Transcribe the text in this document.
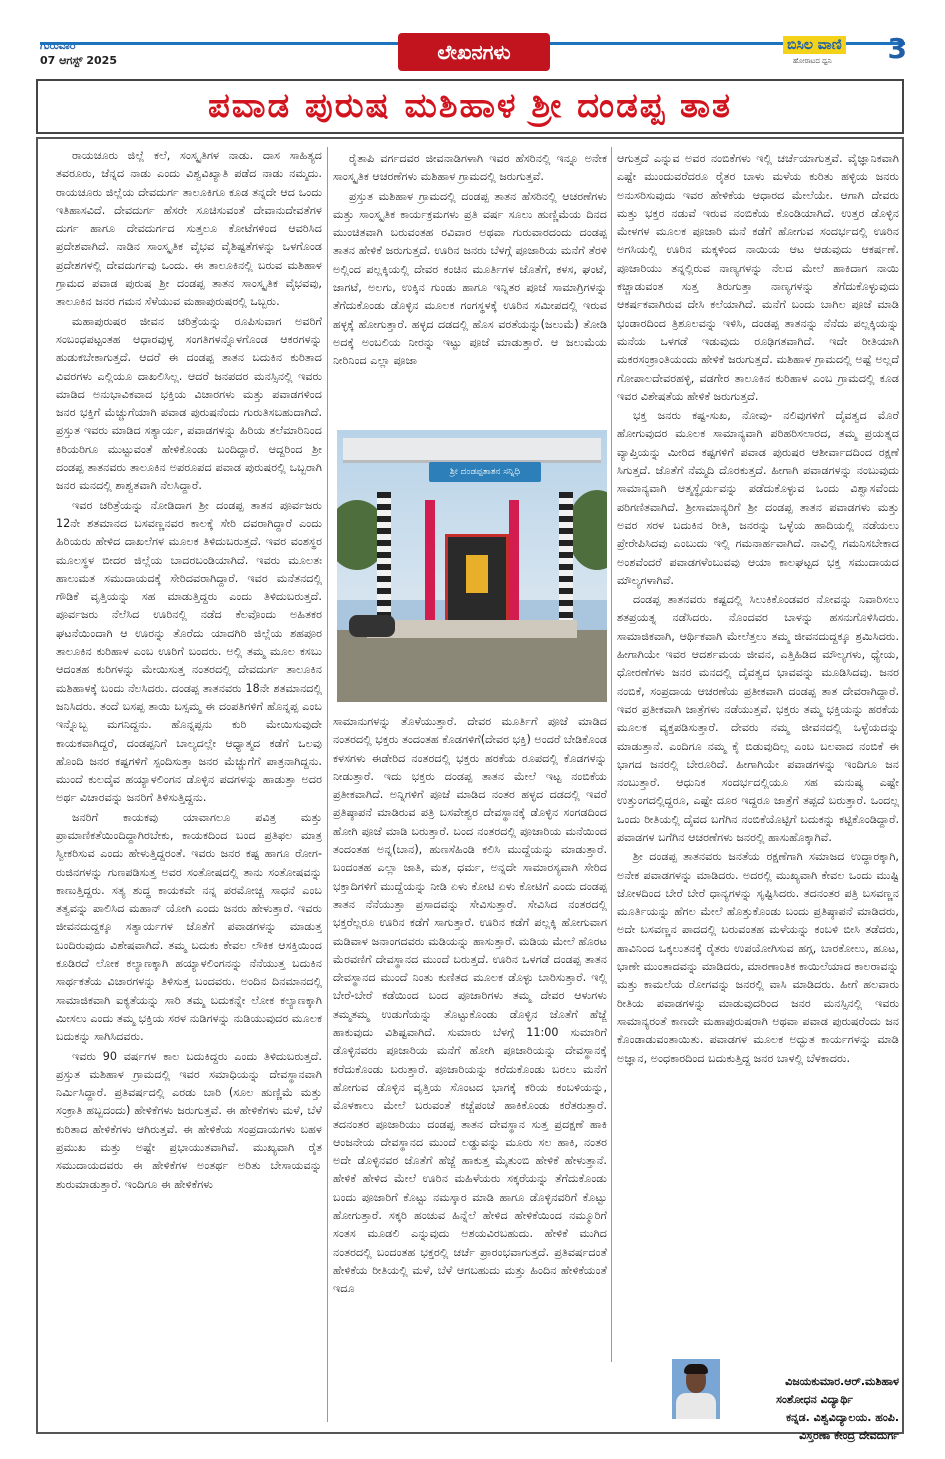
ಗುರುವಾರ
07 ಆಗಸ್ಟ್ 2025	ಲೇಖನಗಳು	ಬಿಸಿಲ ವಾಣಿ
ಹೋರಾಟದ ಧ್ವನಿ 3
ಪವಾಡ ಪುರುಷ ಮಶಿಹಾಳ ಶ್ರೀ ದಂಡಪ್ಪ ತಾತ

ರಾಯಚೂರು ಜಿಲ್ಲೆ ಕಲೆ, ಸಂಸ್ಕೃತಿಗಳ ನಾಡು. ದಾಸ ಸಾಹಿತ್ಯದ ತವರೂರು, ಜೆನ್ನದ ನಾಡು ಎಂದು ವಿಶ್ವವಿಖ್ಯಾತಿ ಪಡೆದ ನಾಡು ನಮ್ಮದು. ರಾಯಚೂರು ಜಿಲ್ಲೆಯ ದೇವದುರ್ಗ ತಾಲೂಕಿಗೂ ಕೂಡ ತನ್ನದೇ ಆದ ಒಂದು ಇತಿಹಾಸವಿದೆ. ದೇವದುರ್ಗ ಹೆಸರೇ ಸೂಚಿಸುವಂತೆ ದೇವಾನುದೇವತೆಗಳ ದುರ್ಗ ಹಾಗೂ ದೇವದುರ್ಗದ ಸುತ್ತಲೂ ಕೋಟೆಗಳಿಂದ ಆವರಿಸಿದ ಪ್ರದೇಶವಾಗಿದೆ. ನಾಡಿನ ಸಾಂಸ್ಕೃತಿಕ ವೈಭವ ವೈಶಿಷ್ಟತೆಗಳನ್ನು ಒಳಗೊಂಡ ಪ್ರದೇಶಗಳಲ್ಲಿ ದೇವದುರ್ಗವು ಒಂದು. ಈ ತಾಲೂಕಿನಲ್ಲಿ ಬರುವ ಮಶಿಹಾಳ ಗ್ರಾಮದ ಪವಾಡ ಪುರುಷ ಶ್ರೀ ದಂಡಪ್ಪ ತಾತನ ಸಾಂಸ್ಕೃತಿಕ ವೈಭವವು, ತಾಲೂಕಿನ ಜನರ ಗಮನ ಸೆಳೆಯುವ ಮಹಾಪುರುಷರಲ್ಲಿ ಒಬ್ಬರು.

ಮಹಾಪುರುಷರ ಜೀವನ ಚರಿತ್ರೆಯನ್ನು ರೂಪಿಸುವಾಗ ಅವರಿಗೆ ಸಂಬಂಧಪಟ್ಟಂತಹ ಆಧಾರವುಳ್ಳ ಸಂಗತಿಗಳನ್ನೊಳಗೊಂಡ ಆಕರಗಳನ್ನು ಹುಡುಕಬೇಕಾಗುತ್ತದೆ. ಆದರೆ ಈ ದಂಡಪ್ಪ ತಾತನ ಬದುಕಿನ ಕುರಿತಾದ ವಿವರಗಳು ಎಲ್ಲಿಯೂ ದಾಖಲಿಸಿಲ್ಲ. ಆದರೆ ಜನಪದರ ಮನಸ್ಸಿನಲ್ಲಿ ಇವರು ಮಾಡಿದ ಅನುಭಾವಿಕವಾದ ಭಕ್ತಿಯ ವಿಚಾರಗಳು ಮತ್ತು ಪವಾಡಗಳಿಂದ ಜನರ ಭಕ್ತಿಗೆ ಮೆಚ್ಚುಗೆಯಾಗಿ ಪವಾಡ ಪುರುಷನೆಂದು ಗುರುತಿಸಬಹುದಾಗಿದೆ. ಪ್ರಸ್ತುತ ಇವರು ಮಾಡಿದ ಸತ್ಯಾರ್ಯ, ಪವಾಡಗಳನ್ನು ಹಿರಿಯ ತಲೆಮಾರಿನಿಂದ ಕಿರಿಯರಿಗೂ ಮುಟ್ಟುವಂತೆ ಹೇಳಿಕೊಂಡು ಬಂದಿದ್ದಾರೆ. ಆದ್ದರಿಂದ ಶ್ರೀ ದಂಡಪ್ಪ ತಾತನವರು ತಾಲೂಕಿನ ಅಪರೂಪದ ಪವಾಡ ಪುರುಷರಲ್ಲಿ ಒಬ್ಬರಾಗಿ ಜನರ ಮನದಲ್ಲಿ ಶಾಶ್ವತವಾಗಿ ನೆಲಸಿದ್ದಾರೆ.

ಇವರ ಚರಿತ್ರೆಯನ್ನು ನೋಡಿದಾಗ ಶ್ರೀ ದಂಡಪ್ಪ ತಾತನ ಪೂರ್ವಜರು 12ನೇ ಶತಮಾನದ ಬಸವಣ್ಣನವರ ಕಾಲಕ್ಕೆ ಸೇರಿ ದವರಾಗಿದ್ದಾರೆ ಎಂದು ಹಿರಿಯರು ಹೇಳಿದ ದಾಖಲೆಗಳ ಮೂಲಕ ತಿಳಿದುಬರುತ್ತದೆ. ಇವರ ವಂಶಸ್ಥರ ಮೂಲಸ್ಥಳ ಬೀದರ ಜಿಲ್ಲೆಯ ಬಾದರಬಂಡಿಯಾಗಿದೆ. ಇವರು ಮೂಲತಃ ಹಾಲುಮತ ಸಮುದಾಯದಕ್ಕೆ ಸೇರಿದವರಾಗಿದ್ದಾರೆ. ಇವರ ಮನೆತನದಲ್ಲಿ ಗೌಡಿಕೆ ವೃತ್ತಿಯನ್ನು ಸಹ ಮಾಡುತ್ತಿದ್ದರು ಎಂದು ತಿಳಿದುಬರುತ್ತದೆ. ಪೂರ್ವಜರು ನೆಲೆಸಿದ ಊರಿನಲ್ಲಿ ನಡೆದ ಕೆಲವೊಂದು ಅಹಿತಕರ ಘಟನೆಯಿಂದಾಗಿ ಆ ಊರನ್ನು ತೊರೆದು ಯಾದಗಿರಿ ಜಿಲ್ಲೆಯ ಶಹಪೂರ ತಾಲೂಕಿನ ಕುರಿಹಾಳ ಎಂಬ ಊರಿಗೆ ಬಂದರು. ಅಲ್ಲಿ ತಮ್ಮ ಮೂಲ ಕಸಬು ಆದಂತಹ ಕುರಿಗಳನ್ನು ಮೇಯಿಸುತ್ತ ನಂತರದಲ್ಲಿ ದೇವದುರ್ಗ ತಾಲೂಕಿನ ಮಶಿಹಾಳಕ್ಕೆ ಬಂದು ನೆಲಸಿದರು. ದಂಡಪ್ಪ ತಾತನವರು 18ನೇ ಶತಮಾನದಲ್ಲಿ ಜನಿಸಿದರು. ತಂದೆ ಬಸಪ್ಪ ತಾಯಿ ಬಸ್ಸಮ್ಮ ಈ ದಂಪತಿಗಳಿಗೆ ಹೊನ್ನಪ್ಪ ಎಂಬ ಇನ್ನೊಬ್ಬ ಮಗನಿದ್ದನು. ಹೊನ್ನಪ್ಪನು ಕುರಿ ಮೇಯಿಸುವುದೇ ಕಾಯಕವಾಗಿದ್ದರೆ, ದಂಡಪ್ಪನಿಗೆ ಬಾಲ್ಯದಲ್ಲೇ ಆಧ್ಯಾತ್ಮದ ಕಡೆಗೆ ಒಲವು ಹೊಂದಿ ಜನರ ಕಷ್ಟಗಳಿಗೆ ಸ್ಪಂದಿಸುತ್ತಾ ಜನರ ಮೆಚ್ಚುಗೆಗೆ ಪಾತ್ರನಾಗಿದ್ದನು. ಮುಂದೆ ಕುಲದೈವ ಹಯ್ಯಾಳಲಿಂಗನ ಡೊಳ್ಳಿನ ಪದಗಳನ್ನು ಹಾಡುತ್ತಾ ಅದರ ಅರ್ಥ ವಿಚಾರವನ್ನು ಜನರಿಗೆ ತಿಳಿಸುತ್ತಿದ್ದನು.

ಜನರಿಗೆ ಕಾಯಕವು ಯಾವಾಗಲೂ ಪವಿತ್ರ ಮತ್ತು ಪ್ರಾಮಾಣಿಕತೆಯಿಂದಿದ್ದಾಗಿರಬೇಕು, ಕಾಯಕದಿಂದ ಬಂದ ಪ್ರತಿಫಲ ಮಾತ್ರ ಸ್ವೀಕರಿಸುವ ಎಂದು ಹೇಳುತ್ತಿದ್ದರಂತೆ. ಇವರು ಜನರ ಕಷ್ಟ ಹಾಗೂ ರೋಗ-ರುಜಿನಗಳನ್ನು ಗುಣಪಡಿಸುತ್ತ ಅವರ ಸಂತೋಷದಲ್ಲಿ ತಾನು ಸಂತೋಷವನ್ನು ಕಾಣುತ್ತಿದ್ದರು. ಸತ್ಯ ಶುದ್ಧ ಕಾಯಕವೇ ನನ್ನ ಪರಮೋಚ್ಚ ಸಾಧನೆ ಎಂಬ ತತ್ವವನ್ನು ಪಾಲಿಸಿದ ಮಹಾನ್ ಯೋಗಿ ಎಂದು ಜನರು ಹೇಳುತ್ತಾರೆ. ಇವರು ಜೀವನದುದ್ದಕ್ಕೂ ಸತ್ಯಾರ್ಯಗಳ ಜೊತೆಗೆ ಪವಾಡಗಳನ್ನು ಮಾಡುತ್ತ ಬಂದಿರುವುದು ವಿಶೇಷವಾಗಿದೆ. ತಮ್ಮ ಬದುಕು ಕೇವಲ ಲೌಕಿಕ ಆಸಕ್ತಿಯಿಂದ ಕೂಡಿರದೆ ಲೋಕ ಕಲ್ಯಾಣಕ್ಕಾಗಿ ಹಯ್ಯಾಳಲಿಂಗನನ್ನು ನೆನೆಯುತ್ತ ಬದುಕಿನ ಸಾರ್ಥಕತೆಯ ವಿಚಾರಗಳನ್ನು ತಿಳಿಸುತ್ತ ಬಂದವರು. ಅಂದಿನ ದಿನಮಾನದಲ್ಲಿ ಸಾಮಾಜಿಕವಾಗಿ ಐಕ್ಯತೆಯನ್ನು ಸಾರಿ ತಮ್ಮ ಬದುಕನ್ನೇ ಲೋಕ ಕಲ್ಯಾಣಕ್ಕಾಗಿ ಮೀಸಲು ಎಂದು ತಮ್ಮ ಭಕ್ತಿಯ ಸರಳ ನುಡಿಗಳನ್ನು ನುಡಿಯುವುದರ ಮೂಲಕ ಬದುಕನ್ನು ಸಾಗಿಸಿದವರು.

ಇವರು 90 ವರ್ಷಗಳ ಕಾಲ ಬದುಕಿದ್ದರು ಎಂದು ತಿಳಿದುಬರುತ್ತದೆ. ಪ್ರಸ್ತುತ ಮಶಿಹಾಳ ಗ್ರಾಮದಲ್ಲಿ ಇವರ ಸಮಾಧಿಯನ್ನು ದೇವಸ್ಥಾನವಾಗಿ ನಿರ್ಮಿಸಿದ್ದಾರೆ. ಪ್ರತಿವರ್ಷದಲ್ಲಿ ಎರಡು ಬಾರಿ (ಸೂಲ ಹುಣ್ಣಿಮೆ ಮತ್ತು ಸಂಕ್ರಾತಿ ಹಬ್ಬದಂದು) ಹೇಳಿಕೆಗಳು ಜರುಗುತ್ತವೆ. ಈ ಹೇಳಿಕೆಗಳು ಮಳೆ, ಬೆಳೆ ಕುರಿತಾದ ಹೇಳಿಕೆಗಳು ಆಗಿರುತ್ತವೆ. ಈ ಹೇಳಿಕೆಯ ಸಂಪ್ರದಾಯಗಳು ಬಹಳ ಪ್ರಮುಖ ಮತ್ತು ಅಷ್ಟೇ ಪ್ರಭಾಯುತವಾಗಿವೆ. ಮುಖ್ಯವಾಗಿ ರೈತ ಸಮುದಾಯದವರು ಈ ಹೇಳಿಕೆಗಳ ಅಂತರ್ಥ ಅರಿತು ಬೇಸಾಯವನ್ನು ಶುರುಮಾಡುತ್ತಾರೆ. ಇಂದಿಗೂ ಈ ಹೇಳಿಕೆಗಳು

ರೈತಾಪಿ ವರ್ಗದವರ ಜೀವನಾಡಿಗಳಾಗಿ ಇವರ ಹೆಸರಿನಲ್ಲಿ ಇನ್ನೂ ಅನೇಕ ಸಾಂಸ್ಕೃತಿಕ ಆಚರಣೆಗಳು ಮಶಿಹಾಳ ಗ್ರಾಮದಲ್ಲಿ ಜರುಗುತ್ತವೆ.

ಪ್ರಸ್ತುತ ಮಶಿಹಾಳ ಗ್ರಾಮದಲ್ಲಿ ದಂಡಪ್ಪ ತಾತನ ಹೆಸರಿನಲ್ಲಿ ಆಚರಣೆಗಳು ಮತ್ತು ಸಾಂಸ್ಕೃತಿಕ ಕಾರ್ಯಕ್ರಮಗಳು ಪ್ರತಿ ವರ್ಷ ಸೂಲು ಹುಣ್ಣಿಮೆಯ ದಿನದ ಮುಂಚಿತವಾಗಿ ಬರುವಂತಹ ರವಿವಾರ ಅಥವಾ ಗುರುವಾರದಂದು ದಂಡಪ್ಪ ತಾತನ ಹೇಳಿಕೆ ಜರುಗುತ್ತದೆ. ಊರಿನ ಜನರು ಬೆಳಗ್ಗೆ ಪೂಜಾರಿಯ ಮನೆಗೆ ತೆರಳಿ ಅಲ್ಲಿಂದ ಪಲ್ಲಕ್ಕಿಯಲ್ಲಿ ದೇವರ ಕಂಚಿನ ಮೂರ್ತಿಗಳ ಜೊತೆಗೆ, ಕಳಸ, ಘಂಟೆ, ಜಾಗಟೆ, ಅಲಗು, ಉಕ್ಕಿನ ಗುಂಡು ಹಾಗೂ ಇನ್ನಿತರ ಪೂಜೆ ಸಾಮಾಗ್ರಿಗಳನ್ನು ತೆಗೆದುಕೊಂಡು ಡೊಳ್ಳಿನ ಮೂಲಕ ಗಂಗಸ್ಥಳಕ್ಕೆ ಊರಿನ ಸಮೀಪದಲ್ಲಿ ಇರುವ ಹಳ್ಳಕ್ಕೆ ಹೋಗುತ್ತಾರೆ. ಹಳ್ಳದ ದಡದಲ್ಲಿ ಹೊಸ ವರತೆಯನ್ನು(ಜಲುಮೆ) ತೋಡಿ ಅದಕ್ಕೆ ಅಂಬಲಿಯ ನೀರನ್ನು ಇಟ್ಟು ಪೂಜೆ ಮಾಡುತ್ತಾರೆ. ಆ ಜಲುಮೆಯ ನೀರಿನಿಂದ ಎಲ್ಲಾ ಪೂಜಾ

ಶ್ರೀ ದಂಡಪ್ಪತಾತನ ಸನ್ನಿಧಿ

ಸಾಮಾನುಗಳನ್ನು ತೊಳೆಯುತ್ತಾರೆ. ದೇವರ ಮೂರ್ತಿಗೆ ಪೂಜೆ ಮಾಡಿದ ನಂತರದಲ್ಲಿ ಭಕ್ತರು ತಂದಂತಹ ಕೊಡಗಳಿಗೆ(ದೇವರ ಭಕ್ತಿ) ಅಂದರೆ ಬೇಡಿಕೊಂಡ ಕಳಸಗಳು ಈಡೇರಿದ ನಂತರದಲ್ಲಿ ಭಕ್ತರು ಹರಕೆಯ ರೂಪದಲ್ಲಿ ಕೊಡಗಳನ್ನು ನೀಡುತ್ತಾರೆ. ಇದು ಭಕ್ತರು ದಂಡಪ್ಪ ತಾತನ ಮೇಲೆ ಇಟ್ಟ ನಂಬಿಕೆಯ ಪ್ರತೀಕವಾಗಿದೆ. ಅನ್ನಿಗಳಿಗೆ ಪೂಜೆ ಮಾಡಿದ ನಂತರ ಹಳ್ಳದ ದಡದಲ್ಲಿ ಇವರೆ ಪ್ರತಿಷ್ಠಾಪನೆ ಮಾಡಿರುವ ಪತ್ರಿ ಬಸವೇಶ್ವರ ದೇವಸ್ಥಾನಕ್ಕೆ ಡೊಳ್ಳಿನ ಸಂಗಡದಿಂದ ಹೋಗಿ ಪೂಜೆ ಮಾಡಿ ಬರುತ್ತಾರೆ. ಬಂದ ನಂತರದಲ್ಲಿ ಪೂಜಾರಿಯ ಮನೆಯಿಂದ ತಂದಂತಹ ಅನ್ನ(ಬಾನ), ಹುಣಸೆಹಿಂಡಿ ಕಲಿಸಿ ಮುದ್ದೆಯನ್ನು ಮಾಡುತ್ತಾರೆ. ಬಂದಂತಹ ಎಲ್ಲಾ ಜಾತಿ, ಮತ, ಧರ್ಮ, ಅನ್ನದೇ ಸಾಮಾರಸ್ಯವಾಗಿ ಸೇರಿದ ಭಕ್ತಾದಿಗಳಿಗೆ ಮುದ್ದೆಯನ್ನು ನೀಡಿ ಏಳು ಕೋಟಿ ಏಳು ಕೋಟಿಗೆ ಎಂದು ದಂಡಪ್ಪ ತಾತನ ನೆನೆಯುತ್ತಾ ಪ್ರಸಾದವನ್ನು ಸೇವಿಸುತ್ತಾರೆ. ಸೇವಿಸಿದ ನಂತರದಲ್ಲಿ ಭಕ್ತರೆಲ್ಲರೂ ಊರಿನ ಕಡೆಗೆ ಸಾಗುತ್ತಾರೆ. ಊರಿನ ಕಡೆಗೆ ಪಲ್ಲಕ್ಕಿ ಹೋಗುವಾಗ ಮಡಿವಾಳ ಜನಾಂಗದವರು ಮಡಿಯನ್ನು ಹಾಸುತ್ತಾರೆ. ಮಡಿಯ ಮೇಲೆ ಹೊರಟ ಮೆರವಣಿಗೆ ದೇವಸ್ಥಾನದ ಮುಂದೆ ಬರುತ್ತದೆ. ಊರಿನ ಒಳಗಡೆ ದಂಡಪ್ಪ ತಾತನ ದೇವಸ್ಥಾನದ ಮುಂದೆ ನಿಂತು ಕುಣಿತದ ಮೂಲಕ ಡೊಳ್ಳು ಬಾರಿಸುತ್ತಾರೆ. ಇಲ್ಲಿ ಬೇರೆ-ಬೇರೆ ಕಡೆಯಿಂದ ಬಂದ ಪೂಜಾರಿಗಳು ತಮ್ಮ ದೇವರ ಆಳುಗಳು ತಮ್ಮತಮ್ಮ ಉಡುಗೆಯನ್ನು ತೊಟ್ಟುಕೊಂಡು ಡೊಳ್ಳಿನ ಜೊತೆಗೆ ಹೆಜ್ಜೆ ಹಾಕುವುದು ವಿಶಿಷ್ಟವಾಗಿದೆ. ಸುಮಾರು ಬೆಳಗ್ಗೆ 11:00 ಸುಮಾರಿಗೆ ಡೊಳ್ಳಿನವರು ಪೂಜಾರಿಯ ಮನೆಗೆ ಹೋಗಿ ಪೂಜಾರಿಯನ್ನು ದೇವಸ್ಥಾನಕ್ಕೆ ಕರೆದುಕೊಂಡು ಬರುತ್ತಾರೆ. ಪೂಜಾರಿಯನ್ನು ಕರೆದುಕೊಂಡು ಬರಲು ಮನೆಗೆ ಹೋಗುವ ಡೊಳ್ಳಿನ ವೃತ್ತಿಯ ಸೊಂಟದ ಭಾಗಕ್ಕೆ ಕರಿಯ ಕಂಬಳಿಯನ್ನು, ಮೊಳಕಾಲು ಮೇಲೆ ಬರುವಂತೆ ಕಚ್ಚೆಪಂಚೆ ಹಾಕಿಕೊಂಡು ಕರೆತರುತ್ತಾರೆ. ತದನಂತರ ಪೂಜಾರಿಯು ದಂಡಪ್ಪ ತಾತನ ದೇವಸ್ಥಾನ ಸುತ್ತ ಪ್ರದಕ್ಷಣೆ ಹಾಕಿ ಆಂಜನೇಯ ದೇವಸ್ಥಾನದ ಮುಂದೆ ಲಡ್ಡುವನ್ನು ಮೂರು ಸಲ ಹಾಕಿ, ನಂತರ ಅದೇ ಡೊಳ್ಳಿನವರ ಜೊತೆಗೆ ಹೆಜ್ಜೆ ಹಾಕುತ್ತ ಮೈತುಂಬಿ ಹೇಳಿಕೆ ಹೇಳುತ್ತಾನೆ. ಹೇಳಿಕೆ ಹೇಳಿದ ಮೇಲೆ ಊರಿನ ಮಹಿಳೆಯರು ಸಕ್ಕರೆಯನ್ನು ತೆಗೆದುಕೊಂಡು ಬಂದು ಪೂಜಾರಿಗೆ ಕೊಟ್ಟು ನಮಸ್ಕಾರ ಮಾಡಿ ಹಾಗೂ ಡೊಳ್ಳಿನವರಿಗೆ ಕೊಟ್ಟು ಹೋಗುತ್ತಾರೆ. ಸಕ್ಕರಿ ಹಂಚುವ ಹಿನ್ನೆಲೆ ಹೇಳಿದ ಹೇಳಿಕೆಯಿಂದ ನಮ್ಮೂರಿಗೆ ಸಂತಸ ಮೂಡಲಿ ಎನ್ನುವುದು ಅಶಯವಿರಬಹುದು. ಹೇಳಿಕೆ ಮುಗಿದ ನಂತರದಲ್ಲಿ ಬಂದಂತಹ ಭಕ್ತರಲ್ಲಿ ಚರ್ಚೆ ಪ್ರಾರಂಭವಾಗುತ್ತದೆ. ಪ್ರತಿವರ್ಷದಂತೆ ಹೇಳಿಕೆಯ ರೀತಿಯಲ್ಲಿ ಮಳೆ, ಬೆಳೆ ಆಗಬಹುದು ಮತ್ತು ಹಿಂದಿನ ಹೇಳಿಕೆಯಂತೆ ಇದೂ

ಆಗುತ್ತದೆ ಎನ್ನುವ ಅವರ ನಂಬಿಕೆಗಳು ಇಲ್ಲಿ ಚರ್ಚೆಯಾಗುತ್ತವೆ. ವೈಜ್ಞಾನಿಕವಾಗಿ ಎಷ್ಟೇ ಮುಂದುವರೆದರೂ ರೈತರ ಬಾಳು ಮಳೆಯ ಕುರಿತು ಹಳ್ಳಿಯ ಜನರು ಅನುಸರಿಸುವುದು ಇವರ ಹೇಳಿಕೆಯ ಆಧಾರದ ಮೇಲೆಯೇ. ಆಗಾಗಿ ದೇವರು ಮತ್ತು ಭಕ್ತರ ನಡುವೆ ಇರುವ ನಂಬಿಕೆಯ ಕೊಂಡಿಯಾಗಿದೆ. ಉತ್ತರ ಡೊಳ್ಳಿನ ಮೇಳಗಳ ಮೂಲಕ ಪೂಜಾರಿ ಮನೆ ಕಡೆಗೆ ಹೋಗುವ ಸಂದರ್ಭದಲ್ಲಿ ಊರಿನ ಅಗಸಿಯಲ್ಲಿ ಊರಿನ ಮಕ್ಕಳಿಂದ ನಾಯಿಯ ಆಟ ಆಡುವುದು ಆಕರ್ಷಣೆ. ಪೂಜಾರಿಯು ತನ್ನಲ್ಲಿರುವ ನಾಣ್ಯಗಳನ್ನು ನೆಲದ ಮೇಲೆ ಹಾಕಿದಾಗ ನಾಯಿ ಕಚ್ಚಾಡುವಂತ ಸುತ್ತ ತಿರುಗುತ್ತಾ ನಾಣ್ಯಗಳನ್ನು ತೆಗೆದುಕೊಳ್ಳುವುದು ಆಕರ್ಷಕವಾಗಿರುವ ದೇಸಿ ಕಲೆಯಾಗಿದೆ. ಮನೆಗೆ ಬಂದು ಬಾಗಿಲ ಪೂಜೆ ಮಾಡಿ ಭಂಡಾರದಿಂದ ತ್ರಿಶೂಲವನ್ನು ಇಳಿಸಿ, ದಂಡಪ್ಪ ತಾತನನ್ನು ನೆನೆದು ಪಲ್ಲಕ್ಕಿಯನ್ನು ಮನೆಯ ಒಳಗಡೆ ಇಡುವುದು ರೂಢಿಗತವಾಗಿದೆ. ಇದೇ ರೀತಿಯಾಗಿ ಮಕರಸಂಕ್ರಾಂತಿಯಂದು ಹೇಳಿಕೆ ಜರುಗುತ್ತದೆ. ಮಶಿಹಾಳ ಗ್ರಾಮದಲ್ಲಿ ಅಷ್ಟೆ ಅಲ್ಲದೆ ಗೋಪಾಲದೇವರಹಳ್ಳಿ, ವಡಗೇರ ತಾಲೂಕಿನ ಕುರಿಹಾಳ ಎಂಬ ಗ್ರಾಮದಲ್ಲಿ ಕೂಡ ಇವರ ವಿಶೇಷತೆಯ ಹೇಳಿಕೆ ಜರುಗುತ್ತದೆ.

ಭಕ್ತ ಜನರು ಕಷ್ಟ-ಸುಖ, ನೋವು- ನಲಿವುಗಳಿಗೆ ದೈವತ್ವದ ಮೊರೆ ಹೋಗುವುದರ ಮೂಲಕ ಸಾಮಾನ್ಯವಾಗಿ ಪರಿಹರಿಸಲಾರದ, ತಮ್ಮ ಪ್ರಯತ್ನದ ವ್ಯಾಪ್ತಿಯನ್ನು ಮೀರಿದ ಕಷ್ಟಗಳಿಗೆ ಪವಾಡ ಪುರುಷರ ಆಶೀರ್ವಾದದಿಂದ ರಕ್ಷಣೆ ಸಿಗುತ್ತದೆ. ಜೊತೆಗೆ ನೆಮ್ಮದಿ ದೊರಕುತ್ತದೆ. ಹೀಗಾಗಿ ಪವಾಡಗಳನ್ನು ನಂಬುವುದು ಸಾಮಾನ್ಯವಾಗಿ ಆತ್ಮಸ್ಥೈರ್ಯವನ್ನು ಪಡೆದುಕೊಳ್ಳುವ ಒಂದು ವಿಶ್ವಾಸವೆಂದು ಪರಿಗಣಿತವಾಗಿದೆ. ಶ್ರೀಸಾಮಾನ್ಯರಿಗೆ ಶ್ರೀ ದಂಡಪ್ಪ ತಾತನ ಪವಾಡಗಳು ಮತ್ತು ಅವರ ಸರಳ ಬದುಕಿನ ರೀತಿ, ಜನರನ್ನು ಒಳ್ಳೆಯ ಹಾದಿಯಲ್ಲಿ ನಡೆಯಲು ಪ್ರೇರೇಪಿಸಿದವು ಎಂಬುದು ಇಲ್ಲಿ ಗಮನಾರ್ಹವಾಗಿದೆ. ನಾವಿಲ್ಲಿ ಗಮನಿಸಬೇಕಾದ ಅಂಶವೆಂದರೆ ಪವಾಡಗಳೆಂಬುವವು ಆಯಾ ಕಾಲಘಟ್ಟದ ಭಕ್ತ ಸಮುದಾಯದ ಮೌಲ್ಯಗಳಾಗಿವೆ.

ದಂಡಪ್ಪ ತಾತನವರು ಕಷ್ಟದಲ್ಲಿ ಸಿಲುಕಿಕೊಂಡವರ ನೋವನ್ನು ನಿವಾರಿಸಲು ಶತಪ್ರಯತ್ನ ನಡೆಸಿದರು. ನೊಂದವರ ಬಾಳನ್ನು ಹಸನುಗೊಳಿಸಿದರು. ಸಾಮಾಜಿಕವಾಗಿ, ಆರ್ಥಿಕವಾಗಿ ಮೇಲೆತ್ತಲು ತಮ್ಮ ಜೀವನದುದ್ದಕ್ಕೂ ಶ್ರಮಿಸಿದರು. ಹೀಗಾಗಿಯೇ ಇವರ ಆದರ್ಶಮಯ ಜೀವನ, ಎತ್ತಿಹಿಡಿದ ಮೌಲ್ಯಗಳು, ಧ್ಯೇಯ, ಧೋರಣೆಗಳು ಜನರ ಮನದಲ್ಲಿ ದೈವತ್ವದ ಭಾವವನ್ನು ಮೂಡಿಸಿದವು. ಜನರ ನಂಬಿಕೆ, ಸಂಪ್ರದಾಯ ಆಚರಣೆಯ ಪ್ರತೀಕವಾಗಿ ದಂಡಪ್ಪ ತಾತ ದೇವರಾಗಿದ್ದಾರೆ. ಇವರ ಪ್ರತೀಕವಾಗಿ ಜಾತ್ರೆಗಳು ನಡೆಯುತ್ತವೆ. ಭಕ್ತರು ತಮ್ಮ ಭಕ್ತಿಯನ್ನು ಹರಕೆಯ ಮೂಲಕ ವ್ಯಕ್ತಪಡಿಸುತ್ತಾರೆ. ದೇವರು ನಮ್ಮ ಜೀವನದಲ್ಲಿ ಒಳ್ಳೆಯದನ್ನು ಮಾಡುತ್ತಾನೆ. ಎಂದಿಗೂ ನಮ್ಮ ಕೈ ಬಿಡುವುದಿಲ್ಲ ಎಂಬ ಬಲವಾದ ನಂಬಿಕೆ ಈ ಭಾಗದ ಜನರಲ್ಲಿ ಬೇರೂರಿದೆ. ಹೀಗಾಗಿಯೇ ಪವಾಡಗಳನ್ನು ಇಂದಿಗೂ ಜನ ನಂಬುತ್ತಾರೆ. ಆಧುನಿಕ ಸಂದರ್ಭದಲ್ಲಿಯೂ ಸಹ ಮನುಷ್ಯ ಎಷ್ಟೇ ಉತ್ತುಂಗದಲ್ಲಿದ್ದರೂ, ಎಷ್ಟೇ ದೂರ ಇದ್ದರೂ ಜಾತ್ರೆಗೆ ತಪ್ಪದೆ ಬರುತ್ತಾರೆ. ಒಂದಲ್ಲ ಒಂದು ರೀತಿಯಲ್ಲಿ ದೈವದ ಬಗೆಗಿನ ನಂಬಿಕೆಯೊಟ್ಟಿಗೆ ಬದುಕನ್ನು ಕಟ್ಟಿಕೊಂಡಿದ್ದಾರೆ. ಪವಾಡಗಳ ಬಗೆಗಿನ ಆಚರಣೆಗಳು ಜನರಲ್ಲಿ ಹಾಸುಹೊಕ್ಕಾಗಿವೆ.

ಶ್ರೀ ದಂಡಪ್ಪ ತಾತನವರು ಜನತೆಯ ರಕ್ಷಣೆಗಾಗಿ ಸಮಾಜದ ಉದ್ಧಾರಕ್ಕಾಗಿ, ಅನೇಕ ಪವಾಡಗಳನ್ನು ಮಾಡಿದರು. ಅದರಲ್ಲಿ ಮುಖ್ಯವಾಗಿ ಕೇವಲ ಒಂದು ಮುಷ್ಟಿ ಜೋಳದಿಂದ ಬೇರೆ ಬೇರೆ ಧಾನ್ಯಗಳನ್ನು ಸೃಷ್ಟಿಸಿದರು. ತದನಂತರ ಪತ್ರಿ ಬಸವಣ್ಣನ ಮೂರ್ತಿಯನ್ನು ಹೆಗಲ ಮೇಲೆ ಹೊತ್ತುಕೊಂಡು ಬಂದು ಪ್ರತಿಷ್ಠಾಪನೆ ಮಾಡಿದರು, ಅದೇ ಬಸವಣ್ಣನ ಪಾದದಲ್ಲಿ ಬರುವಂತಹ ಮಳೆಯನ್ನು ಕಂಬಳಿ ಬೀಸಿ ತಡೆದರು, ಹಾವಿನಿಂದ ಒಕ್ಕಲುತನಕ್ಕೆ ರೈತರು ಉಪಯೋಗಿಸುವ ಹಗ್ಗ, ಬಾರಕೋಲು, ಹೂಟ, ಭಾಣೇ ಮುಂತಾದವನ್ನು ಮಾಡಿದರು, ಮಾರಣಾಂತಿಕ ಕಾಯಿಲೆಯಾದ ಕಾಲರಾವನ್ನು ಮತ್ತು ಕಾಮಲೆಯ ರೋಗವನ್ನು ಜನರಲ್ಲಿ ವಾಸಿ ಮಾಡಿದರು. ಹೀಗೆ ಹಲವಾರು ರೀತಿಯ ಪವಾಡಗಳನ್ನು ಮಾಡುವುದರಿಂದ ಜನರ ಮನಸ್ಸಿನಲ್ಲಿ ಇವರು ಸಾಮಾನ್ಯರಂತೆ ಕಾಣದೇ ಮಹಾಪುರುಷರಾಗಿ ಅಥವಾ ಪವಾಡ ಪುರುಷರೆಂದು ಜನ ಕೊಂಡಾಡುವಂತಾಯಿತು. ಪವಾಡಗಳ ಮೂಲಕ ಅದ್ಭುತ ಕಾರ್ಯಗಳನ್ನು ಮಾಡಿ ಅಜ್ಞಾನ, ಅಂಧಕಾರದಿಂದ ಬದುಕುತ್ತಿದ್ದ ಜನರ ಬಾಳಲ್ಲಿ ಬೆಳಕಾದರು.

ವಿಜಯಕುಮಾರ.ಆರ್.ಮಶಿಹಾಳ
ಸಂಶೋಧನ ವಿದ್ಯಾರ್ಥಿ
ಕನ್ನಡ. ವಿಶ್ವವಿದ್ಯಾಲಯ. ಹಂಪಿ.
ವಿಸ್ತರಣಾ ಕೇಂದ್ರ ದೇವದುರ್ಗ
